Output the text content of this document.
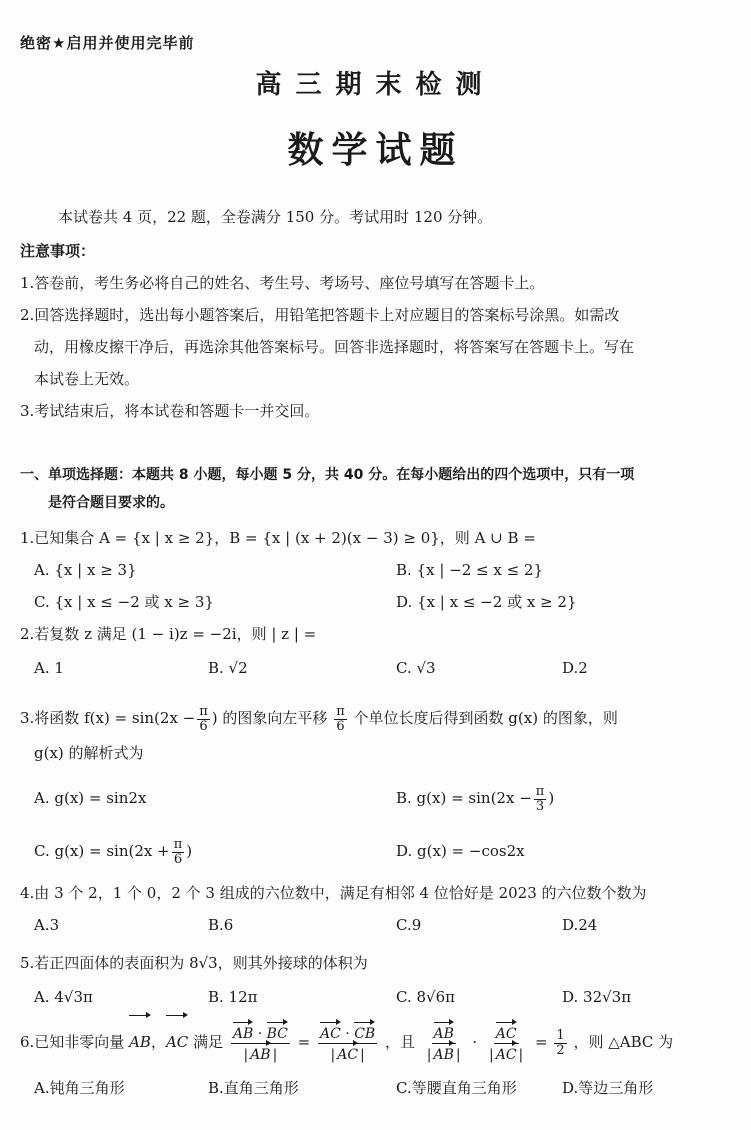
绝密★启用并使用完毕前
高三期末检测
数学试题
本试卷共 4 页，22 题，全卷满分 150 分。考试用时 120 分钟。
注意事项：
1.答卷前，考生务必将自己的姓名、考生号、考场号、座位号填写在答题卡上。
2.回答选择题时，选出每小题答案后，用铅笔把答题卡上对应题目的答案标号涂黑。如需改
动，用橡皮擦干净后，再选涂其他答案标号。回答非选择题时，将答案写在答题卡上。写在
本试卷上无效。
3.考试结束后，将本试卷和答题卡一并交回。
一、单项选择题：本题共 8 小题，每小题 5 分，共 40 分。在每小题给出的四个选项中，只有一项
是符合题目要求的。
1.已知集合 A = {x | x ≥ 2}，B = {x | (x + 2)(x − 3) ≥ 0}，则 A ∪ B =
A. {x | x ≥ 3}	B. {x | −2 ≤ x ≤ 2}
C. {x | x ≤ −2 或 x ≥ 3}	D. {x | x ≤ −2 或 x ≥ 2}
2.若复数 z 满足 (1 − i)z = −2i，则 | z | =
A. 1	B. √2	C. √3	D.2
3.将函数 $f(x) = \sin(2x - \frac{\pi}{6}$ ) 的图象向左平移 $\frac{\pi}{6}$ 个单位长度后得到函数 g(x) 的图象，则
g(x) 的解析式为
A. g(x) = sin2x	B. $g(x) = \sin(2x - \frac{\pi}{3}$ )
C. $g(x) = \sin(2x + \frac{\pi}{6}$ )	D. g(x) = −cos2x
4.由 3 个 2，1 个 0，2 个 3 组成的六位数中，满足有相邻 4 位恰好是 2023 的六位数个数为
A.3	B.6	C.9	D.24
5.若正四面体的表面积为 8√3，则其外接球的体积为
A. 4√3π	B. 12π	C. 8√6π	D. 32√3π
6.已知非零向量 AB，AC 满足 $\frac{AB \cdot BC}{| AB |} = \frac{AC \cdot CB}{| AC |}$ ，且 $\frac{AB}{| AB |} \cdot \frac{AC}{| AC |} = \frac{1}{2}$ ，则 △ABC 为
A.钝角三角形	B.直角三角形	C.等腰直角三角形	D.等边三角形
